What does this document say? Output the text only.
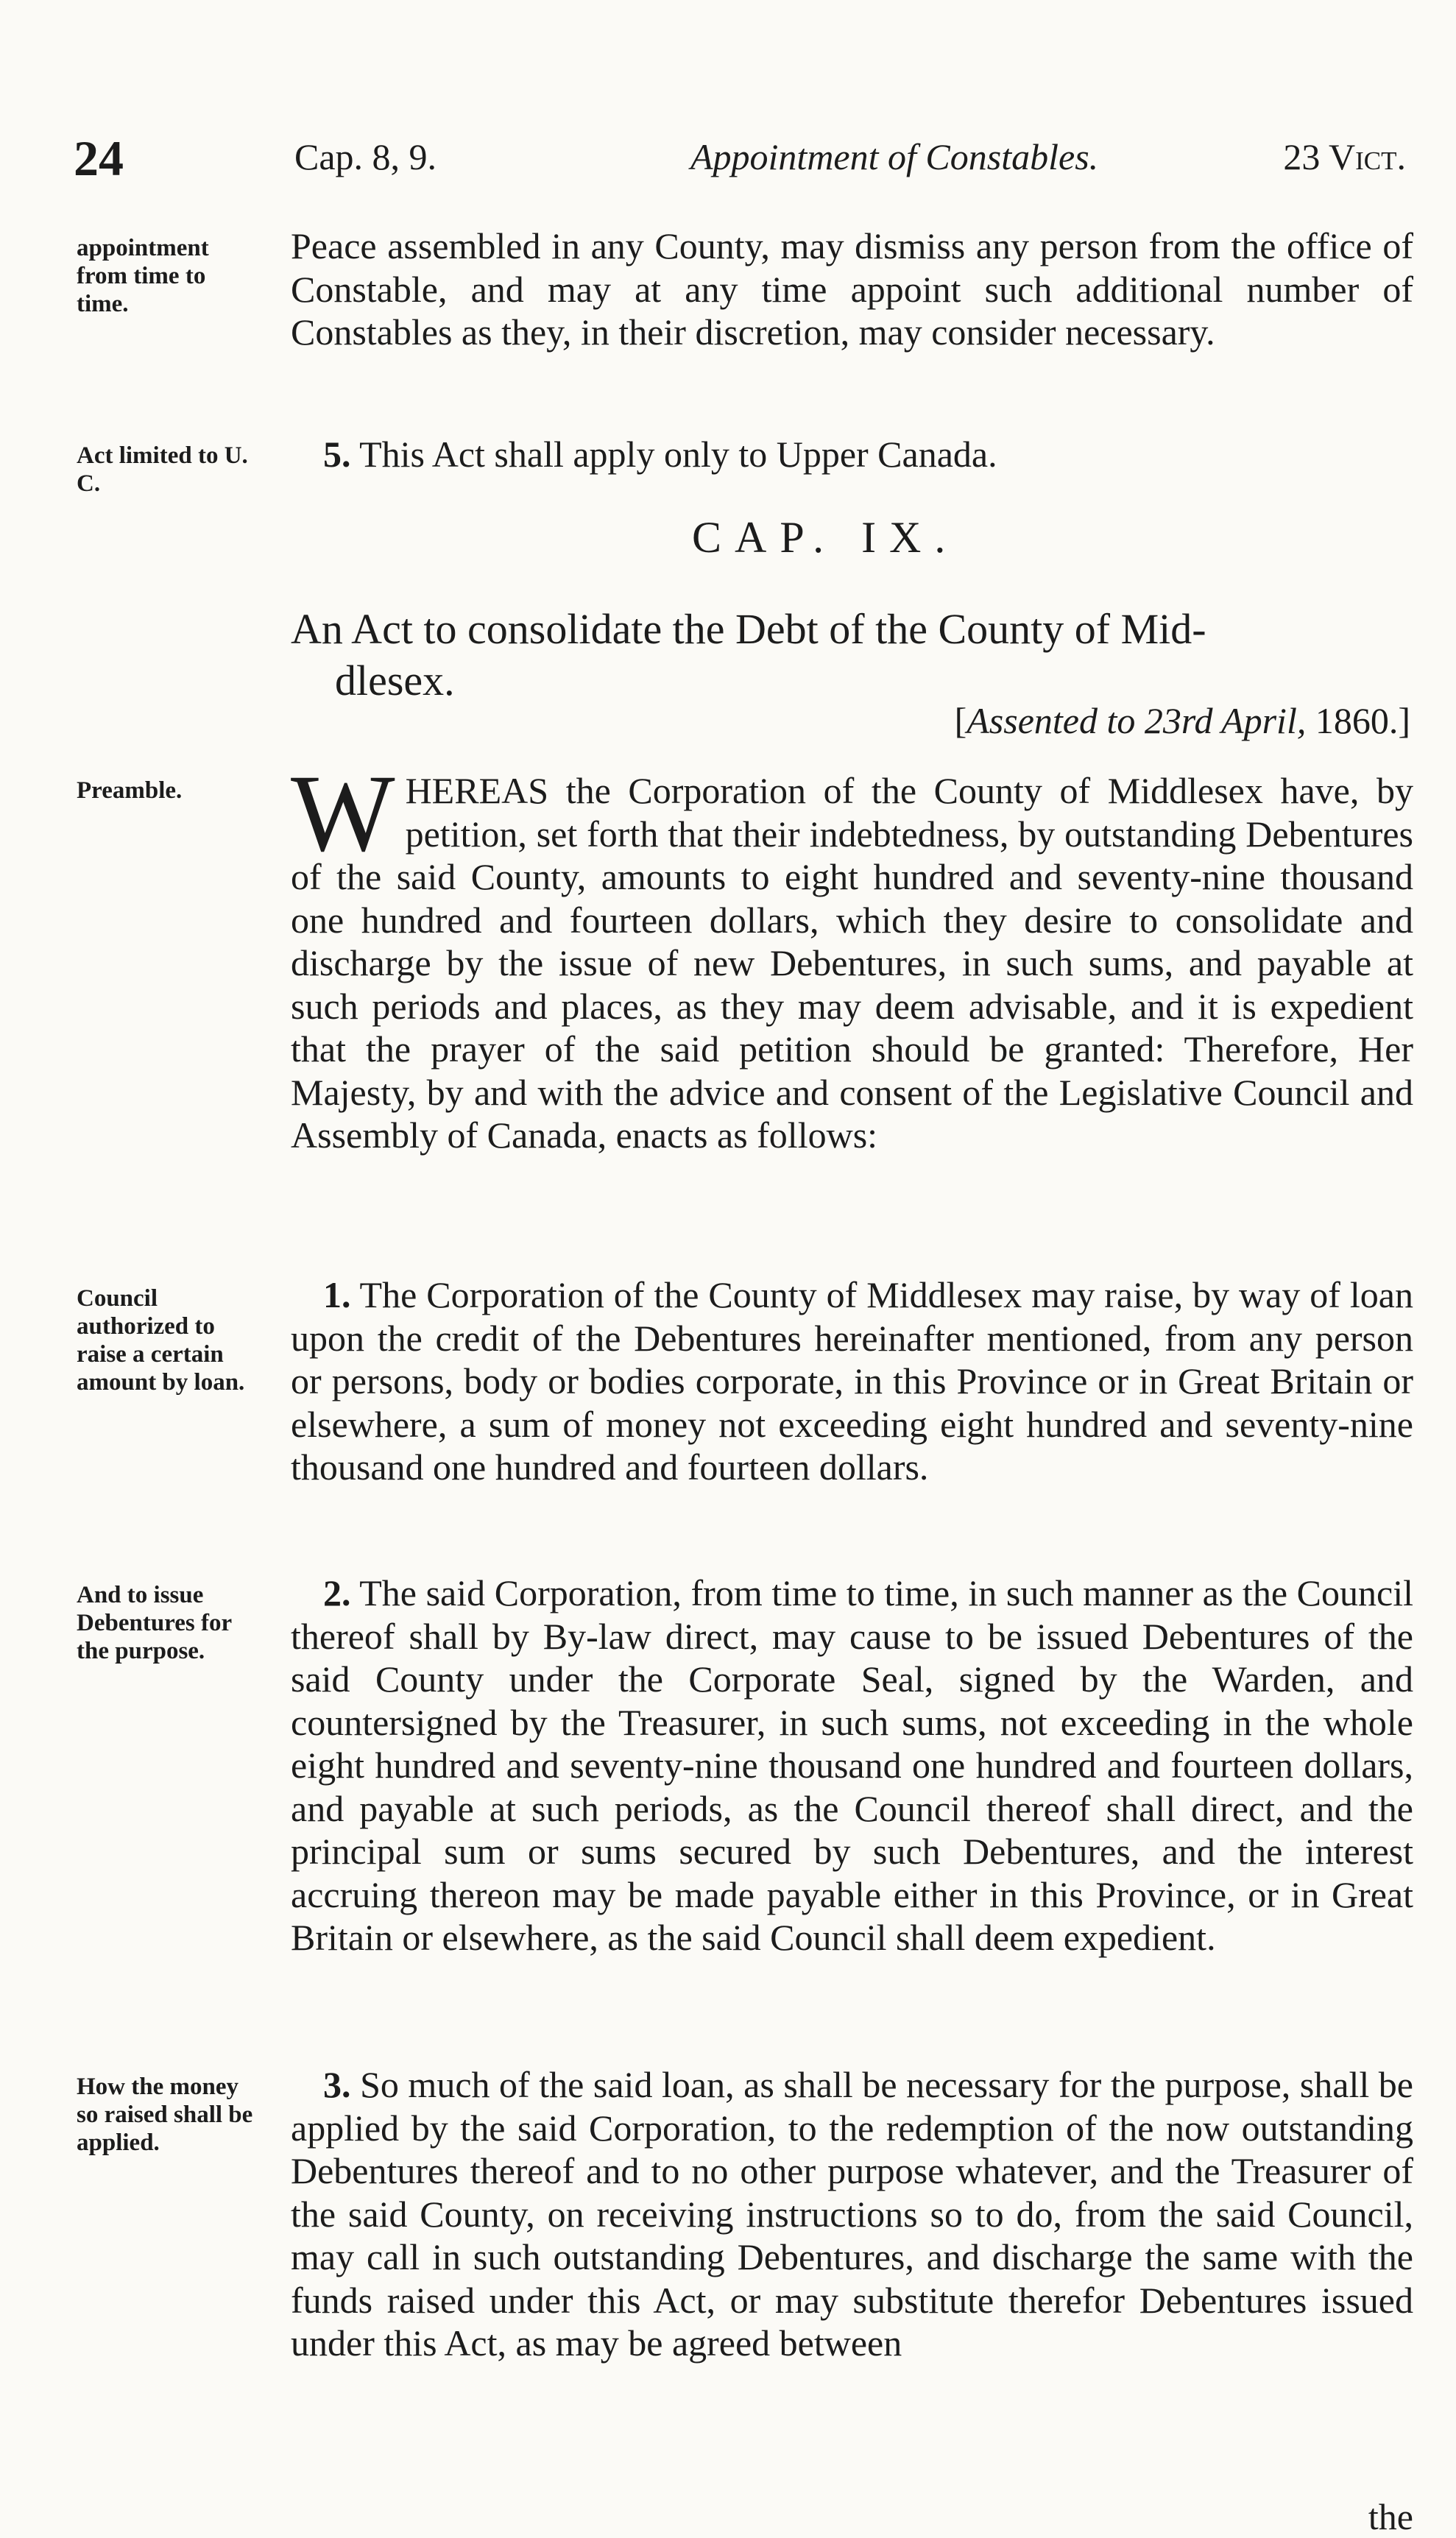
24	Cap. 8, 9.	Appointment of Constables.	23 Vict.
appointment from time to time.
Act limited to U. C.
Preamble.
Council authorized to raise a certain amount by loan.
And to issue Debentures for the purpose.
How the money so raised shall be applied.
Peace assembled in any County, may dismiss any person from the office of Constable, and may at any time appoint such additional number of Constables as they, in their discretion, may consider necessary.
5. This Act shall apply only to Upper Canada.
CAP. IX.
An Act to consolidate the Debt of the County of Mid-
dlesex.
[Assented to 23rd April, 1860.]
W HEREAS the Corporation of the County of Middlesex have, by petition, set forth that their indebtedness, by outstanding Debentures of the said County, amounts to eight hundred and seventy-nine thousand one hundred and fourteen dollars, which they desire to consolidate and discharge by the issue of new Debentures, in such sums, and payable at such periods and places, as they may deem advisable, and it is expedient that the prayer of the said petition should be granted: Therefore, Her Majesty, by and with the advice and consent of the Legislative Council and Assembly of Canada, enacts as follows:
1. The Corporation of the County of Middlesex may raise, by way of loan upon the credit of the Debentures hereinafter mentioned, from any person or persons, body or bodies corporate, in this Province or in Great Britain or elsewhere, a sum of money not exceeding eight hundred and seventy-nine thousand one hundred and fourteen dollars.
2. The said Corporation, from time to time, in such manner as the Council thereof shall by By-law direct, may cause to be issued Debentures of the said County under the Corporate Seal, signed by the Warden, and countersigned by the Treasurer, in such sums, not exceeding in the whole eight hundred and seventy-nine thousand one hundred and fourteen dollars, and payable at such periods, as the Council thereof shall direct, and the principal sum or sums secured by such Debentures, and the interest accruing thereon may be made payable either in this Province, or in Great Britain or elsewhere, as the said Council shall deem expedient.
3. So much of the said loan, as shall be necessary for the purpose, shall be applied by the said Corporation, to the redemption of the now outstanding Debentures thereof and to no other purpose whatever, and the Treasurer of the said County, on receiving instructions so to do, from the said Council, may call in such outstanding Debentures, and discharge the same with the funds raised under this Act, or may substitute therefor Debentures issued under this Act, as may be agreed between
the
